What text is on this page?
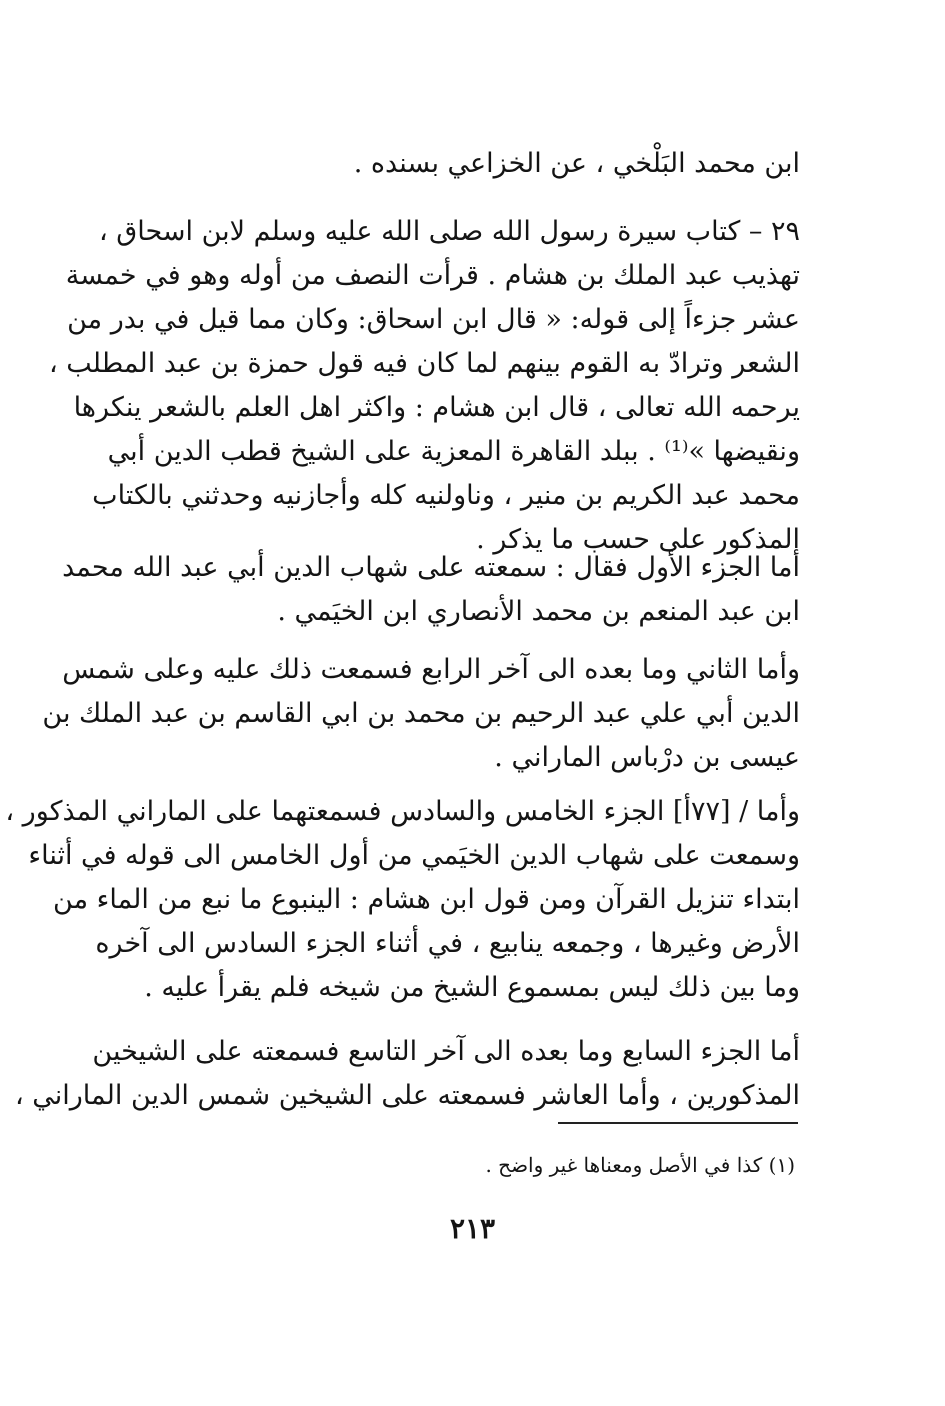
ابن محمد البَلْخي ، عن الخزاعي بسنده .
٢٩ – كتاب سيرة رسول الله صلى الله عليه وسلم لابن اسحاق ،
تهذيب عبد الملك بن هشام . قرأت النصف من أوله وهو في خمسة
عشر جزءاً إلى قوله: « قال ابن اسحاق: وكان مما قيل في بدر من
الشعر وترادّ به القوم بينهم لما كان فيه قول حمزة بن عبد المطلب ،
يرحمه الله تعالى ، قال ابن هشام : واكثر اهل العلم بالشعر ينكرها
ونقيضها »⁽¹⁾ . ببلد القاهرة المعزية على الشيخ قطب الدين أبي
محمد عبد الكريم بن منير ، وناولنيه كله وأجازنيه وحدثني بالكتاب
المذكور على حسب ما يذكر .
أما الجزء الأول فقال : سمعته على شهاب الدين أبي عبد الله محمد
ابن عبد المنعم بن محمد الأنصاري ابن الخيَمي .
وأما الثاني وما بعده الى آخر الرابع فسمعت ذلك عليه وعلى شمس
الدين أبي علي عبد الرحيم بن محمد بن ابي القاسم بن عبد الملك بن
عيسى بن درْباس الماراني .
وأما / [٧٧أ] الجزء الخامس والسادس فسمعتهما على الماراني المذكور ،
وسمعت على شهاب الدين الخيَمي من أول الخامس الى قوله في أثناء
ابتداء تنزيل القرآن ومن قول ابن هشام : الينبوع ما نبع من الماء من
الأرض وغيرها ، وجمعه ينابيع ، في أثناء الجزء السادس الى آخره
وما بين ذلك ليس بمسموع الشيخ من شيخه فلم يقرأ عليه .
أما الجزء السابع وما بعده الى آخر التاسع فسمعته على الشيخين
المذكورين ، وأما العاشر فسمعته على الشيخين شمس الدين الماراني ،
(١) كذا في الأصل ومعناها غير واضح .
٢١٣
